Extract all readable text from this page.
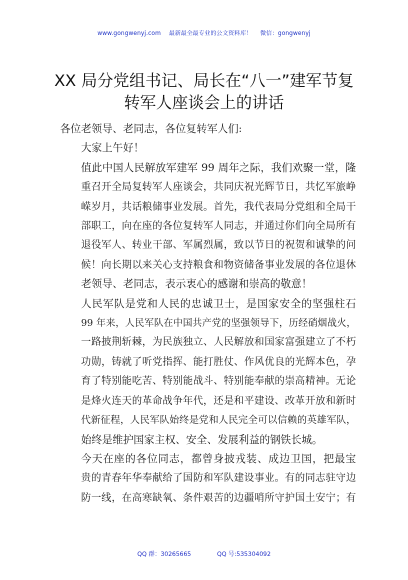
www.gongwenyj.com 最新最全最专业的公文资料库！ 微信：gongwenyj
XX 局分党组书记、局长在“八一”建军节复
转军人座谈会上的讲话

各位老领导、老同志，各位复转军人们:

大家上午好！

值此中国人民解放军建军 99 周年之际，我们欢聚一堂，隆
重召开全局复转军人座谈会，共同庆祝光辉节日，共忆军旅峥
嵘岁月，共话粮储事业发展。首先，我代表局分党组和全局干
部职工，向在座的各位复转军人同志，并通过你们向全局所有
退役军人、转业干部、军属烈属，致以节日的祝贺和诚挚的问
候！向长期以来关心支持粮食和物资储备事业发展的各位退休
老领导、老同志，表示衷心的感谢和崇高的敬意！

人民军队是党和人民的忠诚卫士，是国家安全的坚强柱石
99 年来，人民军队在中国共产党的坚强领导下，历经硝烟战火，
一路披荆斩棘，为民族独立、人民解放和国家富强建立了不朽
功勋，铸就了听党指挥、能打胜仗、作风优良的光辉本色，孕
育了特别能吃苦、特别能战斗、特别能奉献的崇高精神。无论
是烽火连天的革命战争年代，还是和平建设、改革开放和新时
代新征程，人民军队始终是党和人民完全可以信赖的英雄军队，
始终是维护国家主权、安全、发展利益的钢铁长城。

今天在座的各位同志，都曾身披戎装、成边卫国，把最宝
贵的青春年华奉献给了国防和军队建设事业。有的同志驻守边
防一线，在高寒缺氧、条件艰苦的边疆哨所守护国土安宁；有

QQ 群：30265665	QQ 号:535304092
